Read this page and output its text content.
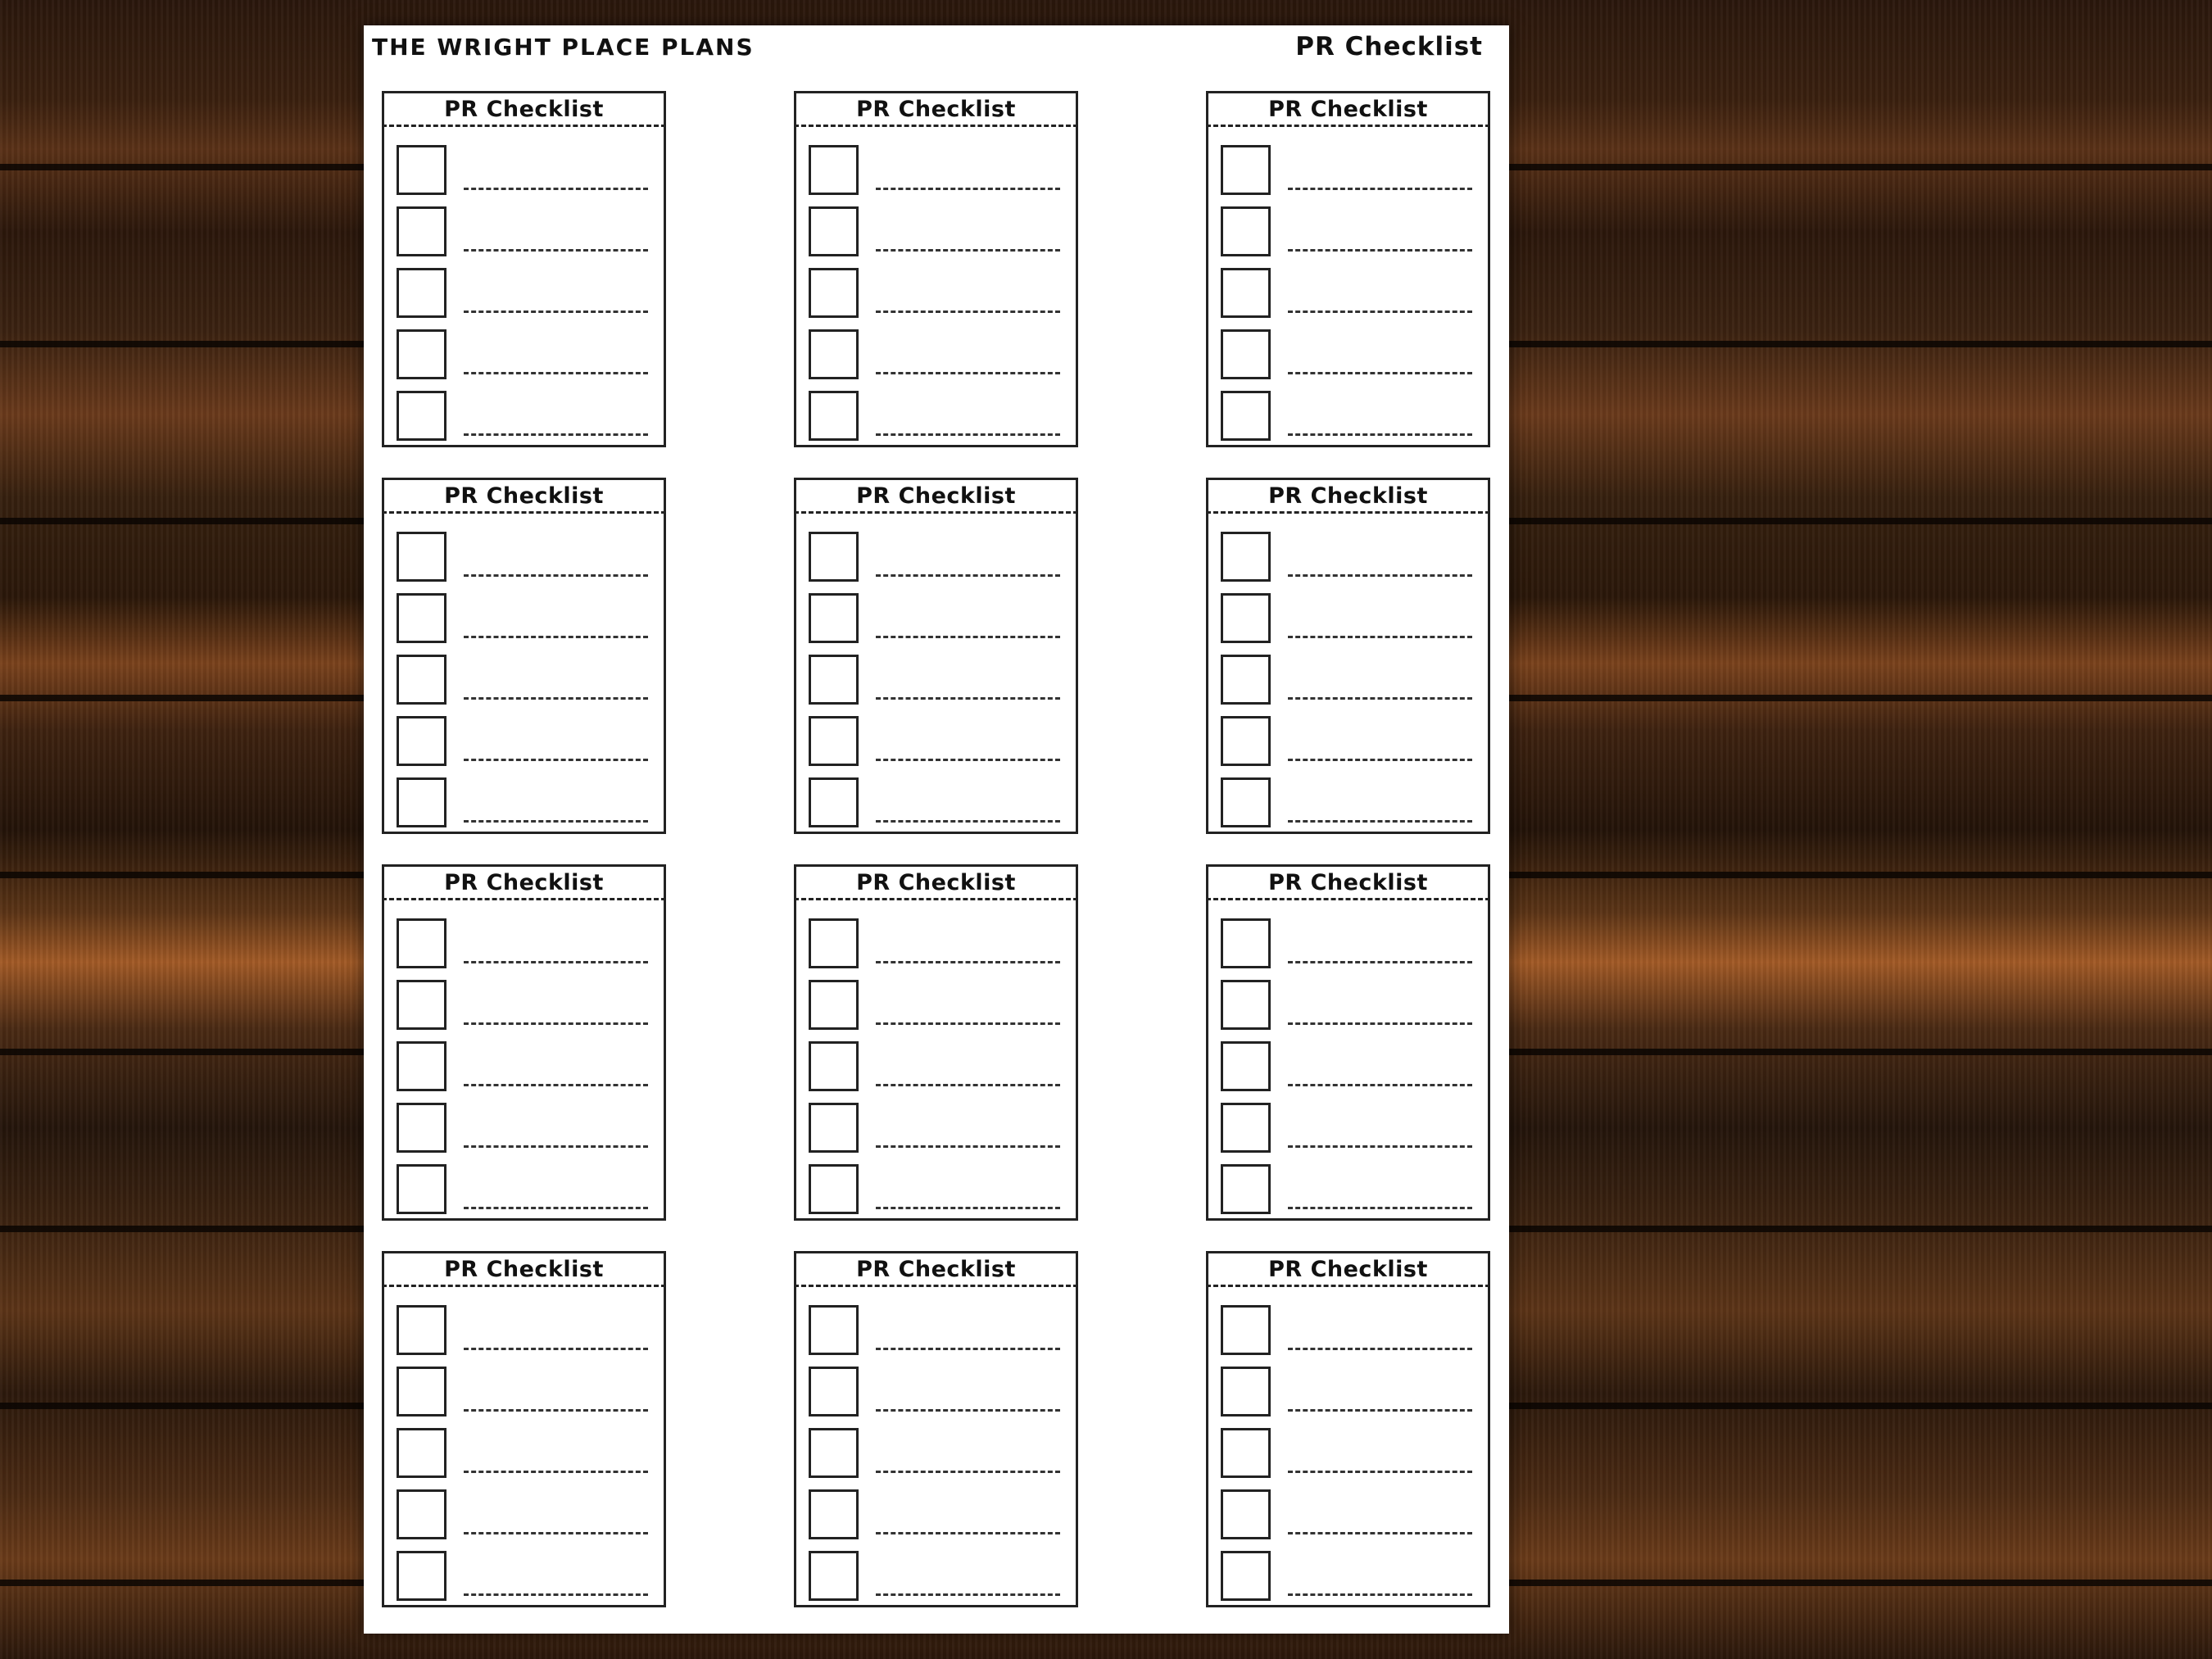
THE WRIGHT PLACE PLANS	PR Checklist
PR Checklist	PR Checklist	PR Checklist
PR Checklist	PR Checklist	PR Checklist
PR Checklist	PR Checklist	PR Checklist
PR Checklist	PR Checklist	PR Checklist
